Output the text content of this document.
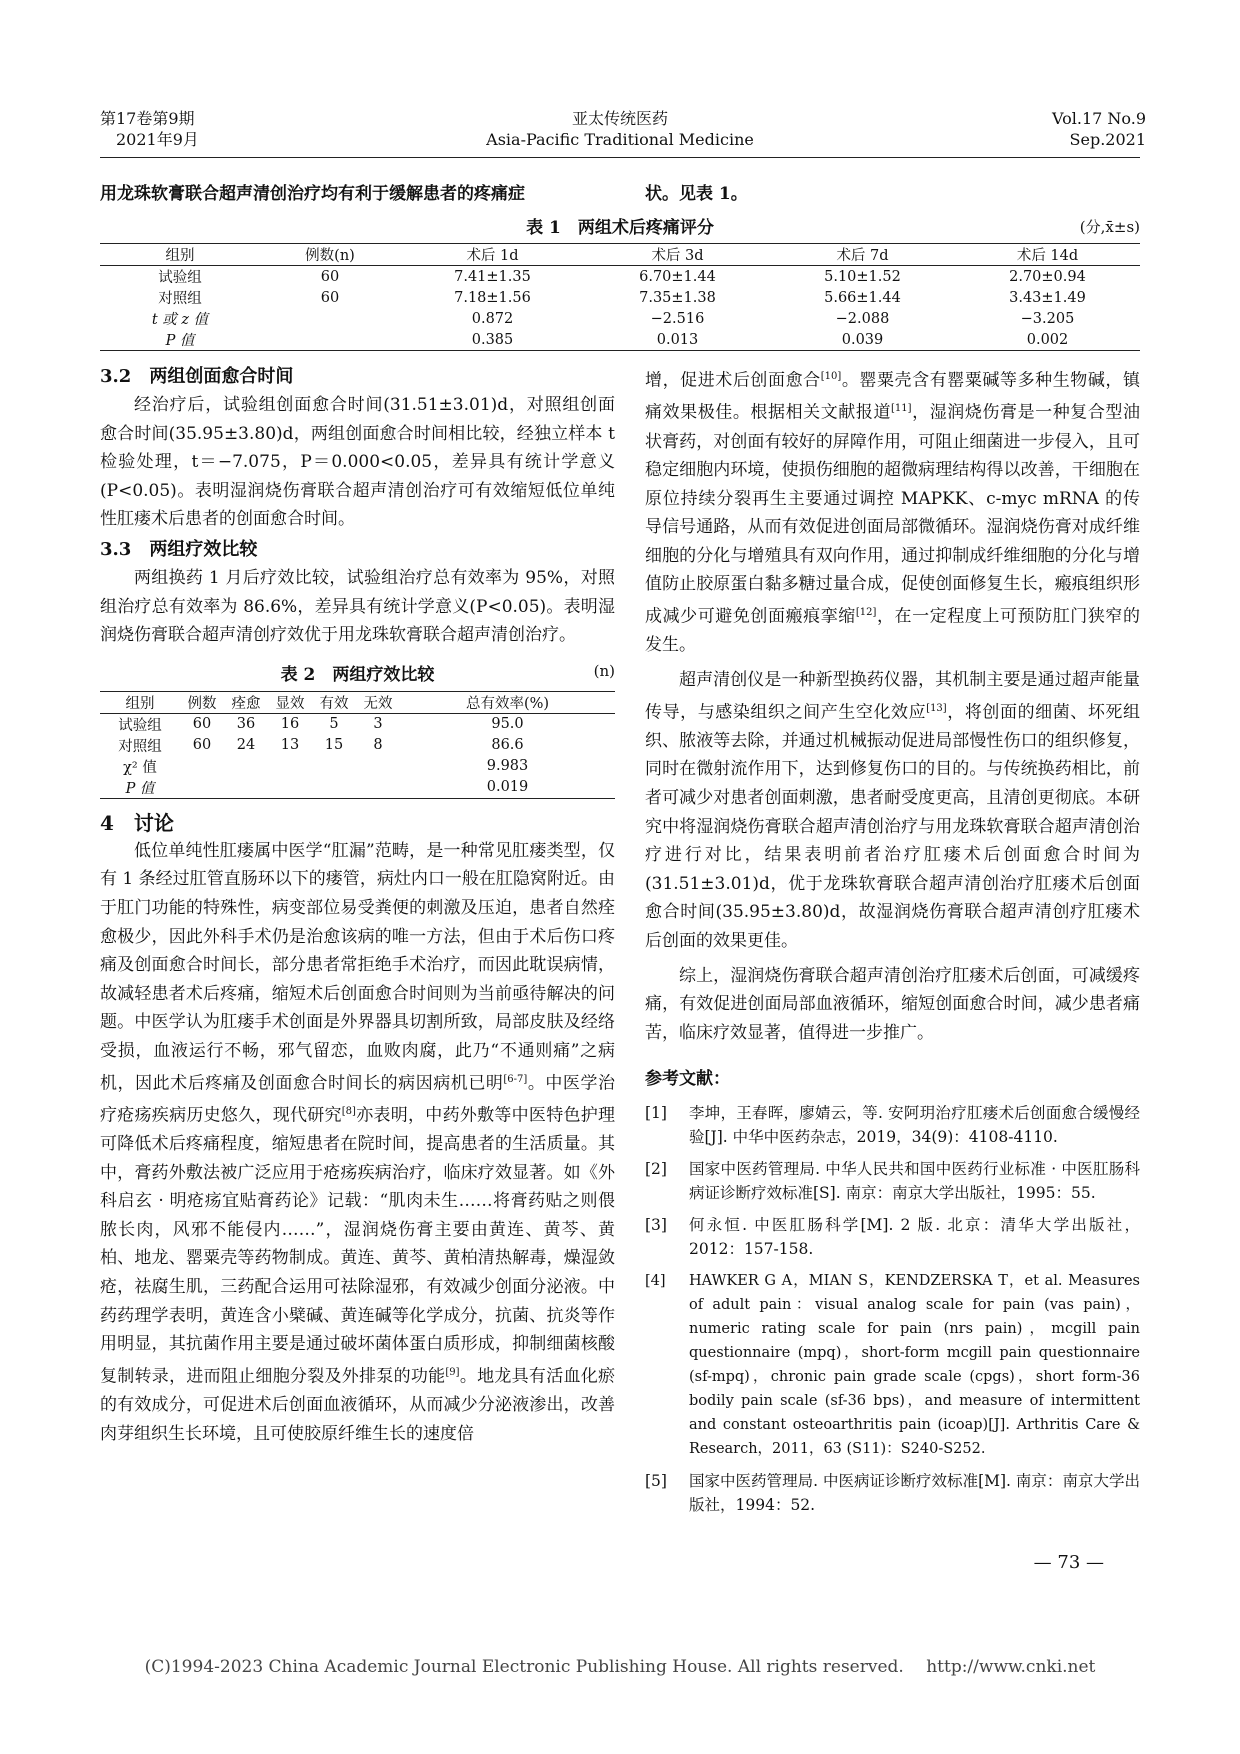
第17卷第9期
2021年9月
亚太传统医药
Asia-Pacific Traditional Medicine
Vol.17 No.9
Sep.2021
用龙珠软膏联合超声清创治疗均有利于缓解患者的疼痛症	状。见表 1。
表 1　两组术后疼痛评分	(分,x̄±s)
组别	例数(n)	术后 1d	术后 3d	术后 7d	术后 14d
试验组	60	7.41±1.35	6.70±1.44	5.10±1.52	2.70±0.94
对照组	60	7.18±1.56	7.35±1.38	5.66±1.44	3.43±1.49
t 或 z 值		0.872	−2.516	−2.088	−3.205
P 值		0.385	0.013	0.039	0.002
3.2　两组创面愈合时间
经治疗后，试验组创面愈合时间(31.51±3.01)d，对照组创面愈合时间(35.95±3.80)d，两组创面愈合时间相比较，经独立样本 t 检验处理，t＝−7.075，P＝0.000<0.05，差异具有统计学意义(P<0.05)。表明湿润烧伤膏联合超声清创治疗可有效缩短低位单纯性肛瘘术后患者的创面愈合时间。
3.3　两组疗效比较
两组换药 1 月后疗效比较，试验组治疗总有效率为 95%，对照组治疗总有效率为 86.6%，差异具有统计学意义(P<0.05)。表明湿润烧伤膏联合超声清创疗效优于用龙珠软膏联合超声清创治疗。
表 2　两组疗效比较	(n)
组别	例数	痊愈	显效	有效	无效	总有效率(%)
试验组	60	36	16	5	3	95.0
对照组	60	24	13	15	8	86.6
χ² 值						9.983
P 值						0.019
4　讨论
低位单纯性肛瘘属中医学“肛漏”范畴，是一种常见肛瘘类型，仅有 1 条经过肛管直肠环以下的瘘管，病灶内口一般在肛隐窝附近。由于肛门功能的特殊性，病变部位易受粪便的刺激及压迫，患者自然痊愈极少，因此外科手术仍是治愈该病的唯一方法，但由于术后伤口疼痛及创面愈合时间长，部分患者常拒绝手术治疗，而因此耽误病情，故减轻患者术后疼痛，缩短术后创面愈合时间则为当前亟待解决的问题。中医学认为肛瘘手术创面是外界器具切割所致，局部皮肤及经络受损，血液运行不畅，邪气留恋，血败肉腐，此乃“不通则痛”之病机，因此术后疼痛及创面愈合时间长的病因病机已明[6-7]。中医学治疗疮疡疾病历史悠久，现代研究[8]亦表明，中药外敷等中医特色护理可降低术后疼痛程度，缩短患者在院时间，提高患者的生活质量。其中，膏药外敷法被广泛应用于疮疡疾病治疗，临床疗效显著。如《外科启玄 · 明疮疡宜贴膏药论》记载：“肌肉未生……将膏药贴之则偎脓长肉，风邪不能侵内……”，湿润烧伤膏主要由黄连、黄芩、黄柏、地龙、罂粟壳等药物制成。黄连、黄芩、黄柏清热解毒，燥湿敛疮，祛腐生肌，三药配合运用可祛除湿邪，有效减少创面分泌液。中药药理学表明，黄连含小檗碱、黄连碱等化学成分，抗菌、抗炎等作用明显，其抗菌作用主要是通过破坏菌体蛋白质形成，抑制细菌核酸复制转录，进而阻止细胞分裂及外排泵的功能[9]。地龙具有活血化瘀的有效成分，可促进术后创面血液循环，从而减少分泌液渗出，改善肉芽组织生长环境，且可使胶原纤维生长的速度倍
增，促进术后创面愈合[10]。罂粟壳含有罂粟碱等多种生物碱，镇痛效果极佳。根据相关文献报道[11]，湿润烧伤膏是一种复合型油状膏药，对创面有较好的屏障作用，可阻止细菌进一步侵入，且可稳定细胞内环境，使损伤细胞的超微病理结构得以改善，干细胞在原位持续分裂再生主要通过调控 MAPKK、c-myc mRNA 的传导信号通路，从而有效促进创面局部微循环。湿润烧伤膏对成纤维细胞的分化与增殖具有双向作用，通过抑制成纤维细胞的分化与增值防止胶原蛋白黏多糖过量合成，促使创面修复生长，瘢痕组织形成减少可避免创面瘢痕挛缩[12]，在一定程度上可预防肛门狭窄的发生。
超声清创仪是一种新型换药仪器，其机制主要是通过超声能量传导，与感染组织之间产生空化效应[13]，将创面的细菌、坏死组织、脓液等去除，并通过机械振动促进局部慢性伤口的组织修复，同时在微射流作用下，达到修复伤口的目的。与传统换药相比，前者可减少对患者创面刺激，患者耐受度更高，且清创更彻底。本研究中将湿润烧伤膏联合超声清创治疗与用龙珠软膏联合超声清创治疗进行对比，结果表明前者治疗肛瘘术后创面愈合时间为(31.51±3.01)d，优于龙珠软膏联合超声清创治疗肛瘘术后创面愈合时间(35.95±3.80)d，故湿润烧伤膏联合超声清创疗肛瘘术后创面的效果更佳。
综上，湿润烧伤膏联合超声清创治疗肛瘘术后创面，可减缓疼痛，有效促进创面局部血液循环，缩短创面愈合时间，减少患者痛苦，临床疗效显著，值得进一步推广。
参考文献：
[1] 李坤，王春晖，廖婧云，等. 安阿玥治疗肛瘘术后创面愈合缓慢经验[J]. 中华中医药杂志，2019，34(9)：4108-4110.
[2] 国家中医药管理局. 中华人民共和国中医药行业标准 · 中医肛肠科病证诊断疗效标准[S]. 南京：南京大学出版社，1995：55.
[3] 何永恒. 中医肛肠科学[M]. 2 版. 北京：清华大学出版社，2012：157-158.
[4] HAWKER G A，MIAN S，KENDZERSKA T，et al. Measures of adult pain：visual analog scale for pain (vas pain)，numeric rating scale for pain (nrs pain)，mcgill pain questionnaire (mpq)，short-form mcgill pain questionnaire (sf-mpq)，chronic pain grade scale (cpgs)，short form-36 bodily pain scale (sf-36 bps)，and measure of intermittent and constant osteoarthritis pain (icoap)[J]. Arthritis Care & Research，2011，63 (S11)：S240-S252.
[5] 国家中医药管理局. 中医病证诊断疗效标准[M]. 南京：南京大学出版社，1994：52.
— 73 —
(C)1994-2023 China Academic Journal Electronic Publishing House. All rights reserved.　 http://www.cnki.net
